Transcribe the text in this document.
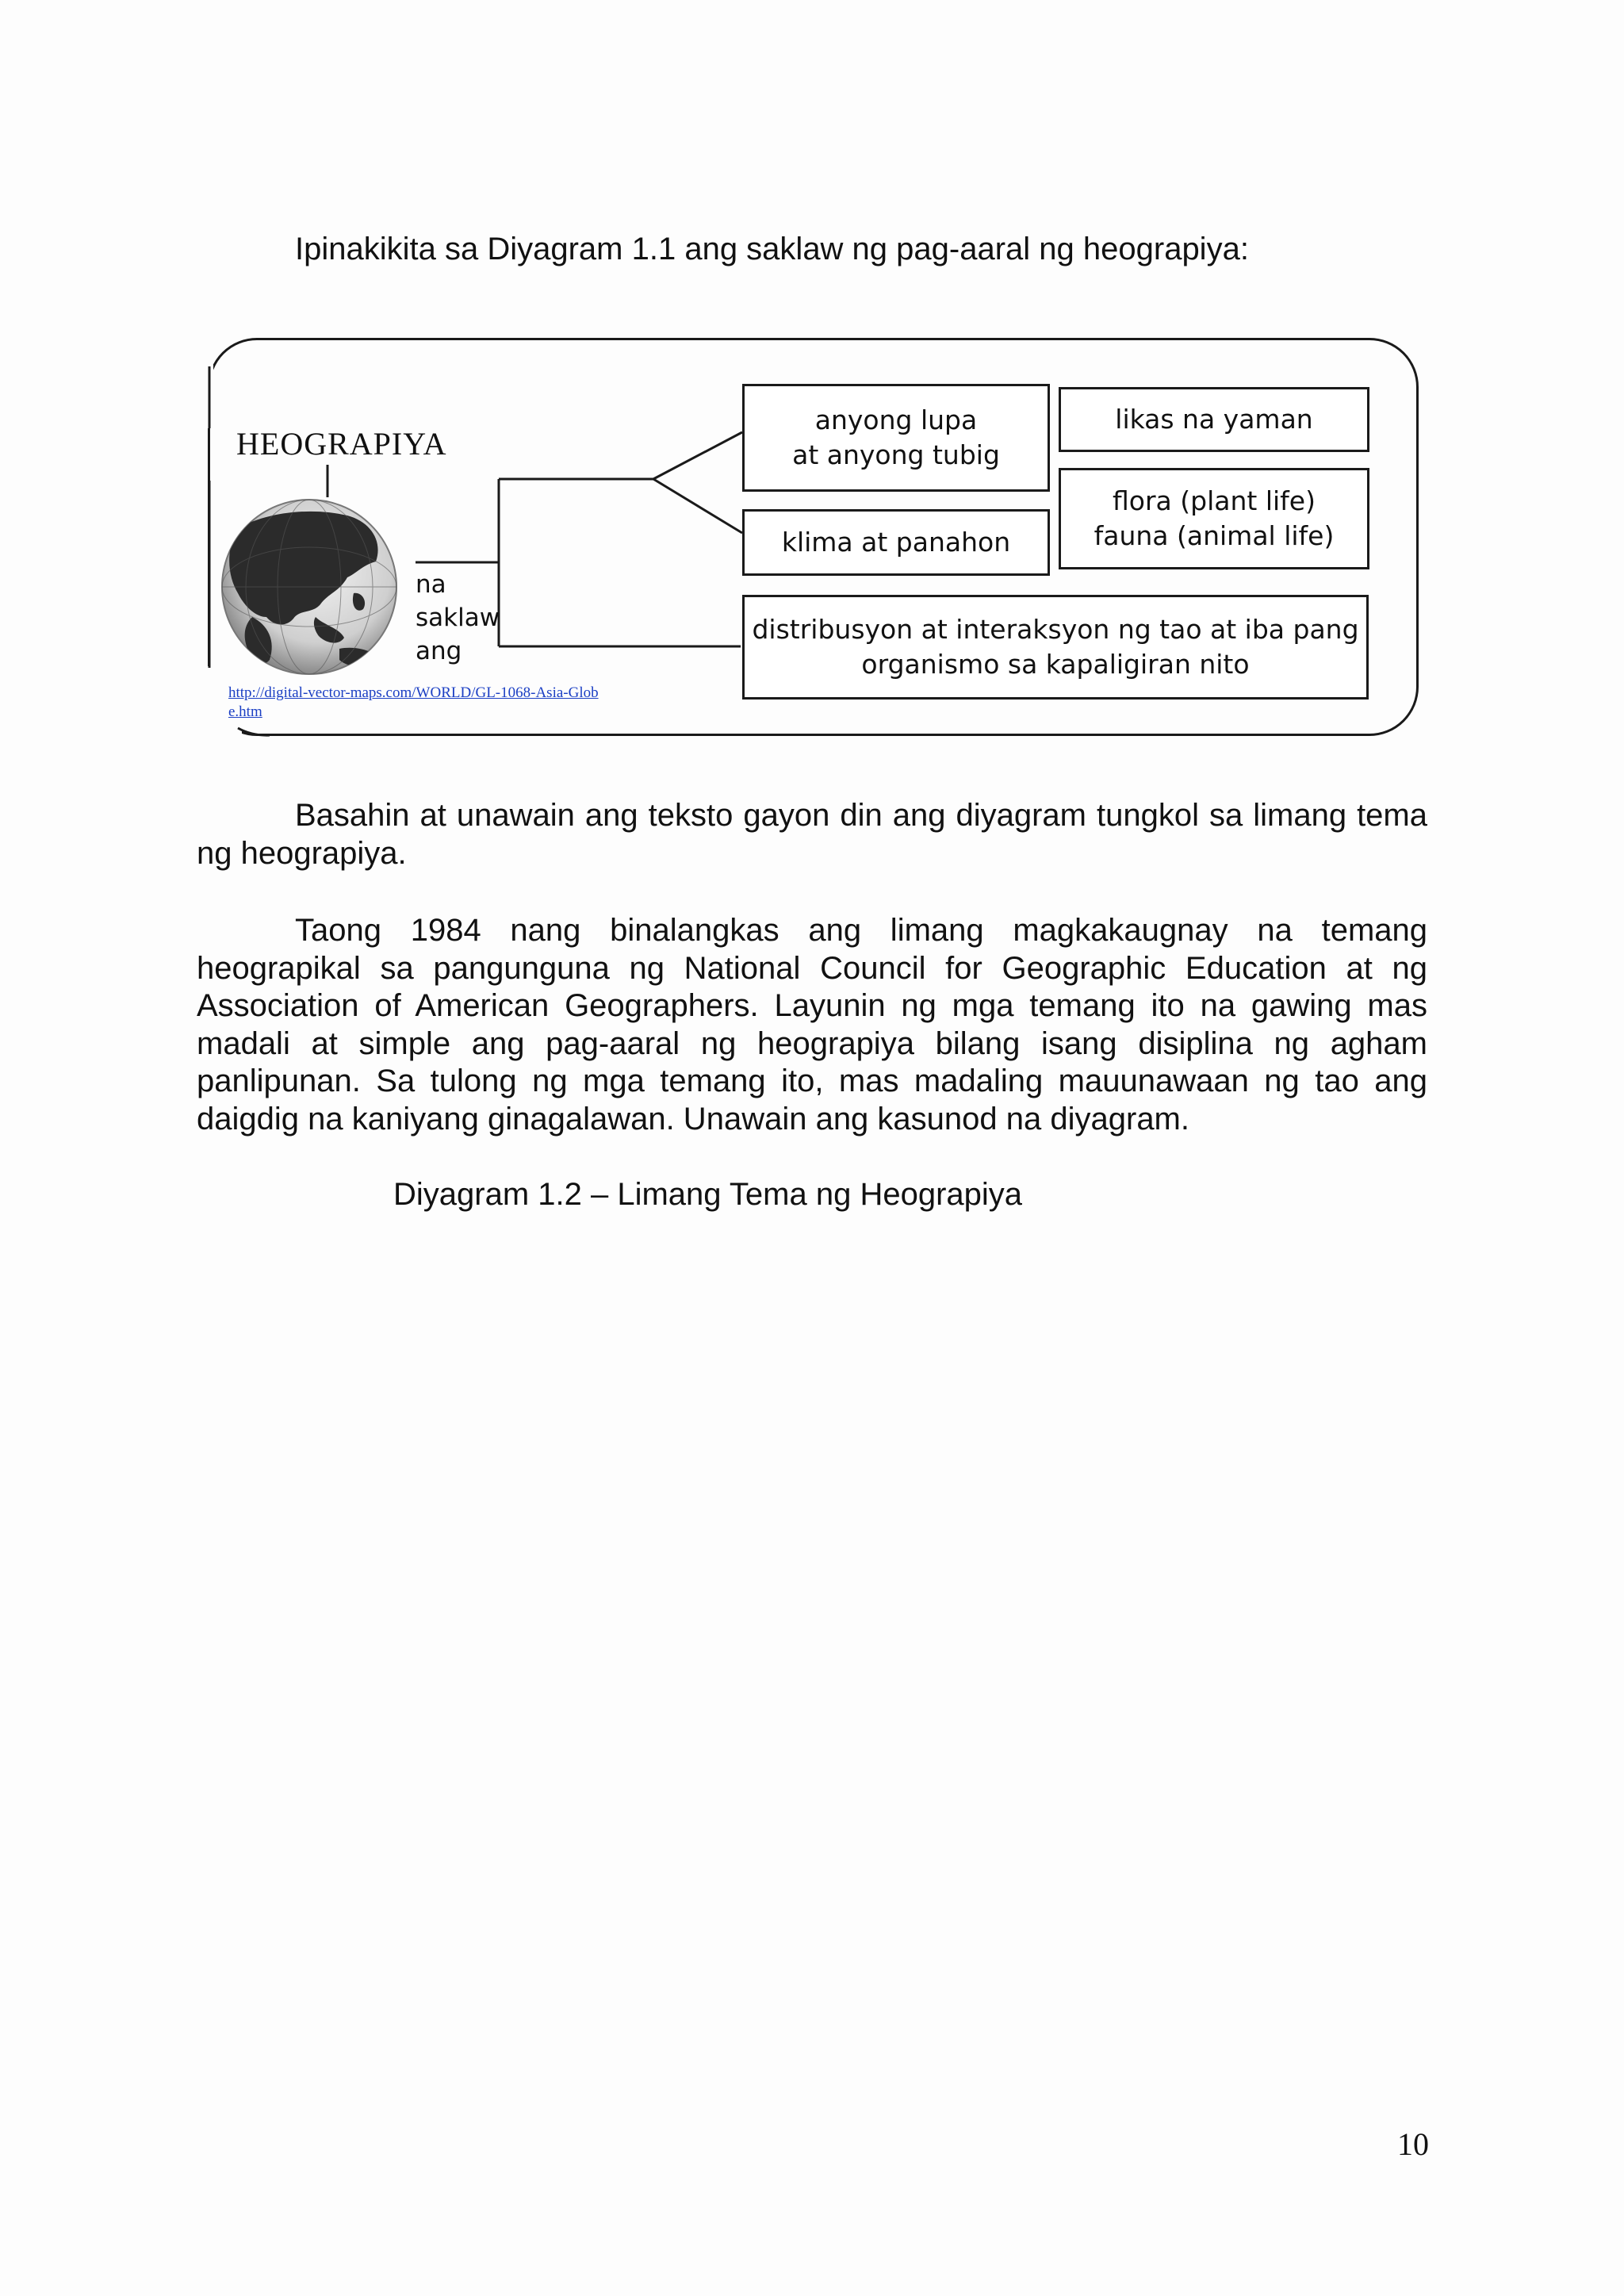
Ipinakikita sa Diyagram 1.1 ang saklaw ng pag-aaral ng heograpiya:
HEOGRAPIYA
http://digital-vector-maps.com/WORLD/GL-1068-Asia-Globe.htm
na
saklaw
ang
anyong lupa
at anyong tubig
klima at panahon
likas na yaman
flora (plant life)
fauna (animal life)
distribusyon at interaksyon ng tao at iba pang
organismo sa kapaligiran nito
Basahin at unawain ang teksto gayon din ang diyagram tungkol sa limang tema ng heograpiya.
Taong 1984 nang binalangkas ang limang magkakaugnay na temang heograpikal sa pangunguna ng National Council for Geographic Education at ng Association of American Geographers. Layunin ng mga temang ito na gawing mas madali at simple ang pag-aaral ng heograpiya bilang isang disiplina ng agham panlipunan. Sa tulong ng mga temang ito, mas madaling mauunawaan ng tao ang daigdig na kaniyang ginagalawan. Unawain ang kasunod na diyagram.
Diyagram 1.2 – Limang Tema ng Heograpiya
10
